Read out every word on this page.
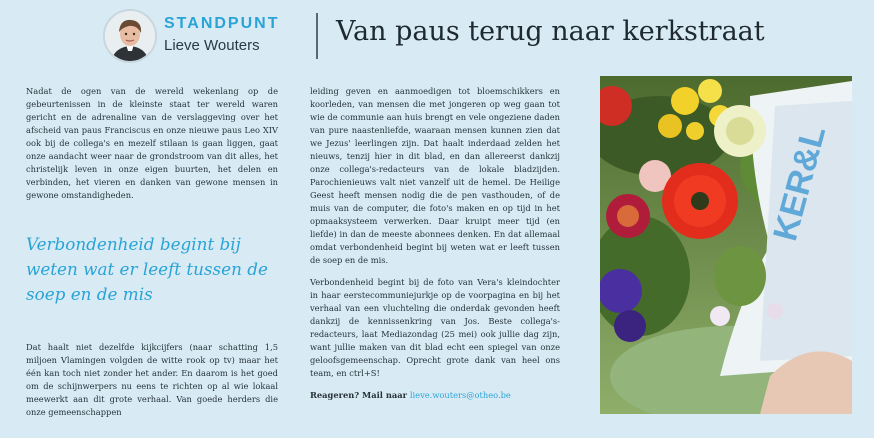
STANDPUNT
Lieve Wouters	Van paus terug naar kerkstraat

Nadat de ogen van de wereld wekenlang op de gebeurtenissen in de kleinste staat ter wereld waren gericht en de adrenaline van de verslaggeving over het afscheid van paus Franciscus en onze nieuwe paus Leo XIV ook bij de collega's en mezelf stilaan is gaan liggen, gaat onze aandacht weer naar de grondstroom van dit alles, het christelijk leven in onze eigen buurten, het delen en verbinden, het vieren en danken van gewone mensen in gewone omstandigheden.

Verbondenheid begint bij weten wat er leeft tussen de soep en de mis

Dat haalt niet dezelfde kijkcijfers (naar schatting 1,5 miljoen Vlamingen volgden de witte rook op tv) maar het één kan toch niet zonder het ander. En daarom is het goed om de schijnwerpers nu eens te richten op al wie lokaal meewerkt aan dit grote verhaal. Van goede herders die onze gemeenschappen

leiding geven en aanmoedigen tot bloemschikkers en koorleden, van mensen die met jongeren op weg gaan tot wie de communie aan huis brengt en vele ongeziene daden van pure naastenliefde, waaraan mensen kunnen zien dat we Jezus' leerlingen zijn. Dat haalt inderdaad zelden het nieuws, tenzij hier in dit blad, en dan allereerst dankzij onze collega's-redacteurs van de lokale bladzijden. Parochienieuws valt niet vanzelf uit de hemel. De Heilige Geest heeft mensen nodig die de pen vasthouden, of de muis van de computer, die foto's maken en op tijd in het opmaaksysteem verwerken. Daar kruipt meer tijd (en liefde) in dan de meeste abonnees denken. En dat allemaal omdat verbondenheid begint bij weten wat er leeft tussen de soep en de mis.

Verbondenheid begint bij de foto van Vera's kleindochter in haar eerstecommuniejurkje op de voorpagina en bij het verhaal van een vluchteling die onderdak gevonden heeft dankzij de kennissenkring van Jos. Beste collega's-redacteurs, laat Mediazondag (25 mei) ook jullie dag zijn, want jullie maken van dit blad echt een spiegel van onze geloofsgemeenschap. Oprecht grote dank van heel ons team, en ctrl+S!

Reageren? Mail naar lieve.wouters@otheo.be
KER&L
